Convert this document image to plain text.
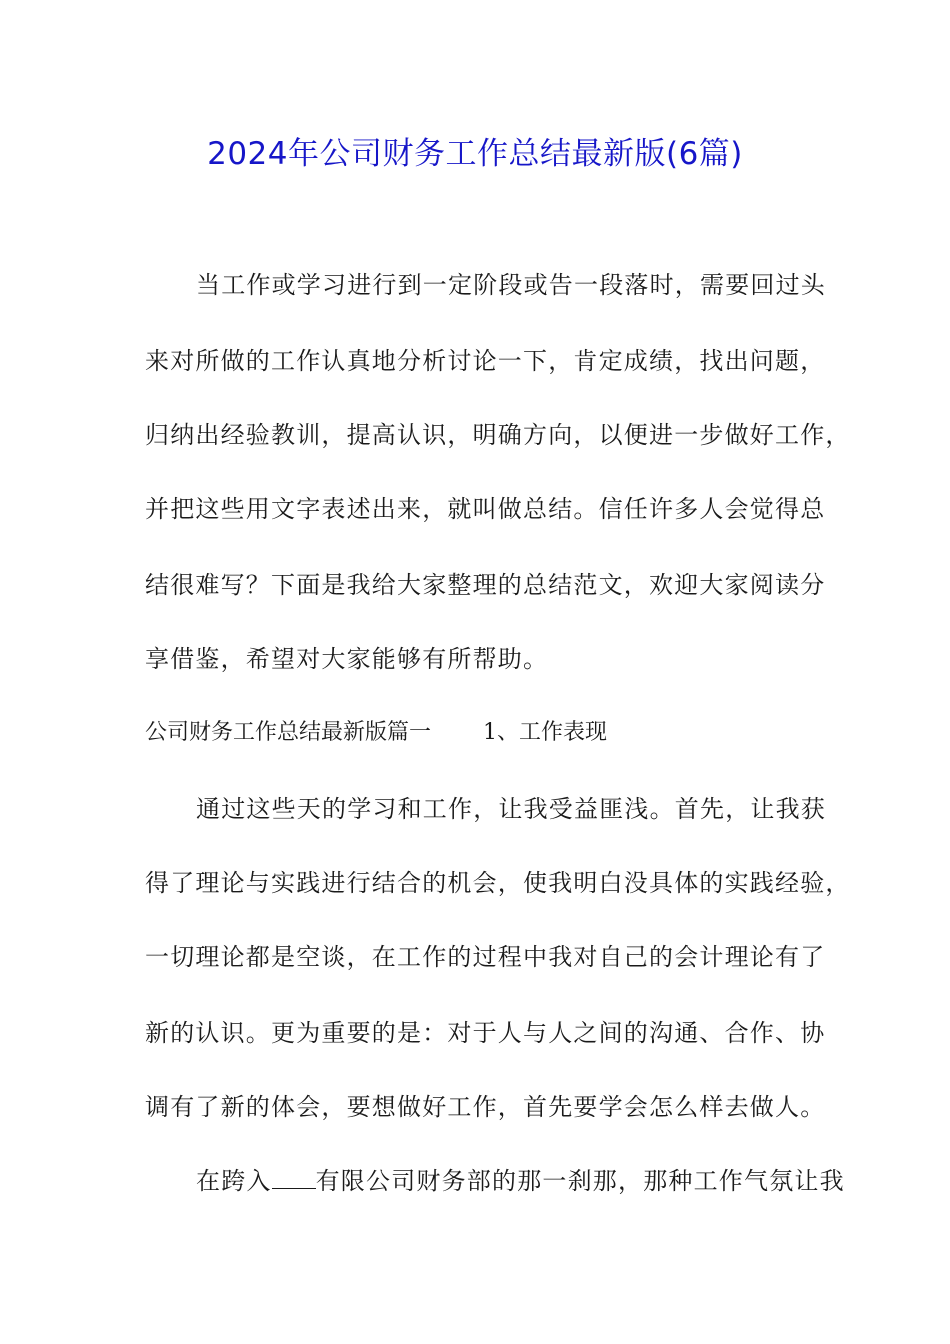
2024年公司财务工作总结最新版(6篇)
当工作或学习进行到一定阶段或告一段落时，需要回过头
来对所做的工作认真地分析讨论一下，肯定成绩，找出问题，
归纳出经验教训，提高认识，明确方向，以便进一步做好工作，
并把这些用文字表述出来，就叫做总结。信任许多人会觉得总
结很难写？下面是我给大家整理的总结范文，欢迎大家阅读分
享借鉴，希望对大家能够有所帮助。
公司财务工作总结最新版篇一 1、工作表现
通过这些天的学习和工作，让我受益匪浅。首先，让我获
得了理论与实践进行结合的机会，使我明白没具体的实践经验，
一切理论都是空谈，在工作的过程中我对自己的会计理论有了
新的认识。更为重要的是：对于人与人之间的沟通、合作、协
调有了新的体会，要想做好工作，首先要学会怎么样去做人。
在跨入 有限公司财务部的那一刹那，那种工作气氛让我
